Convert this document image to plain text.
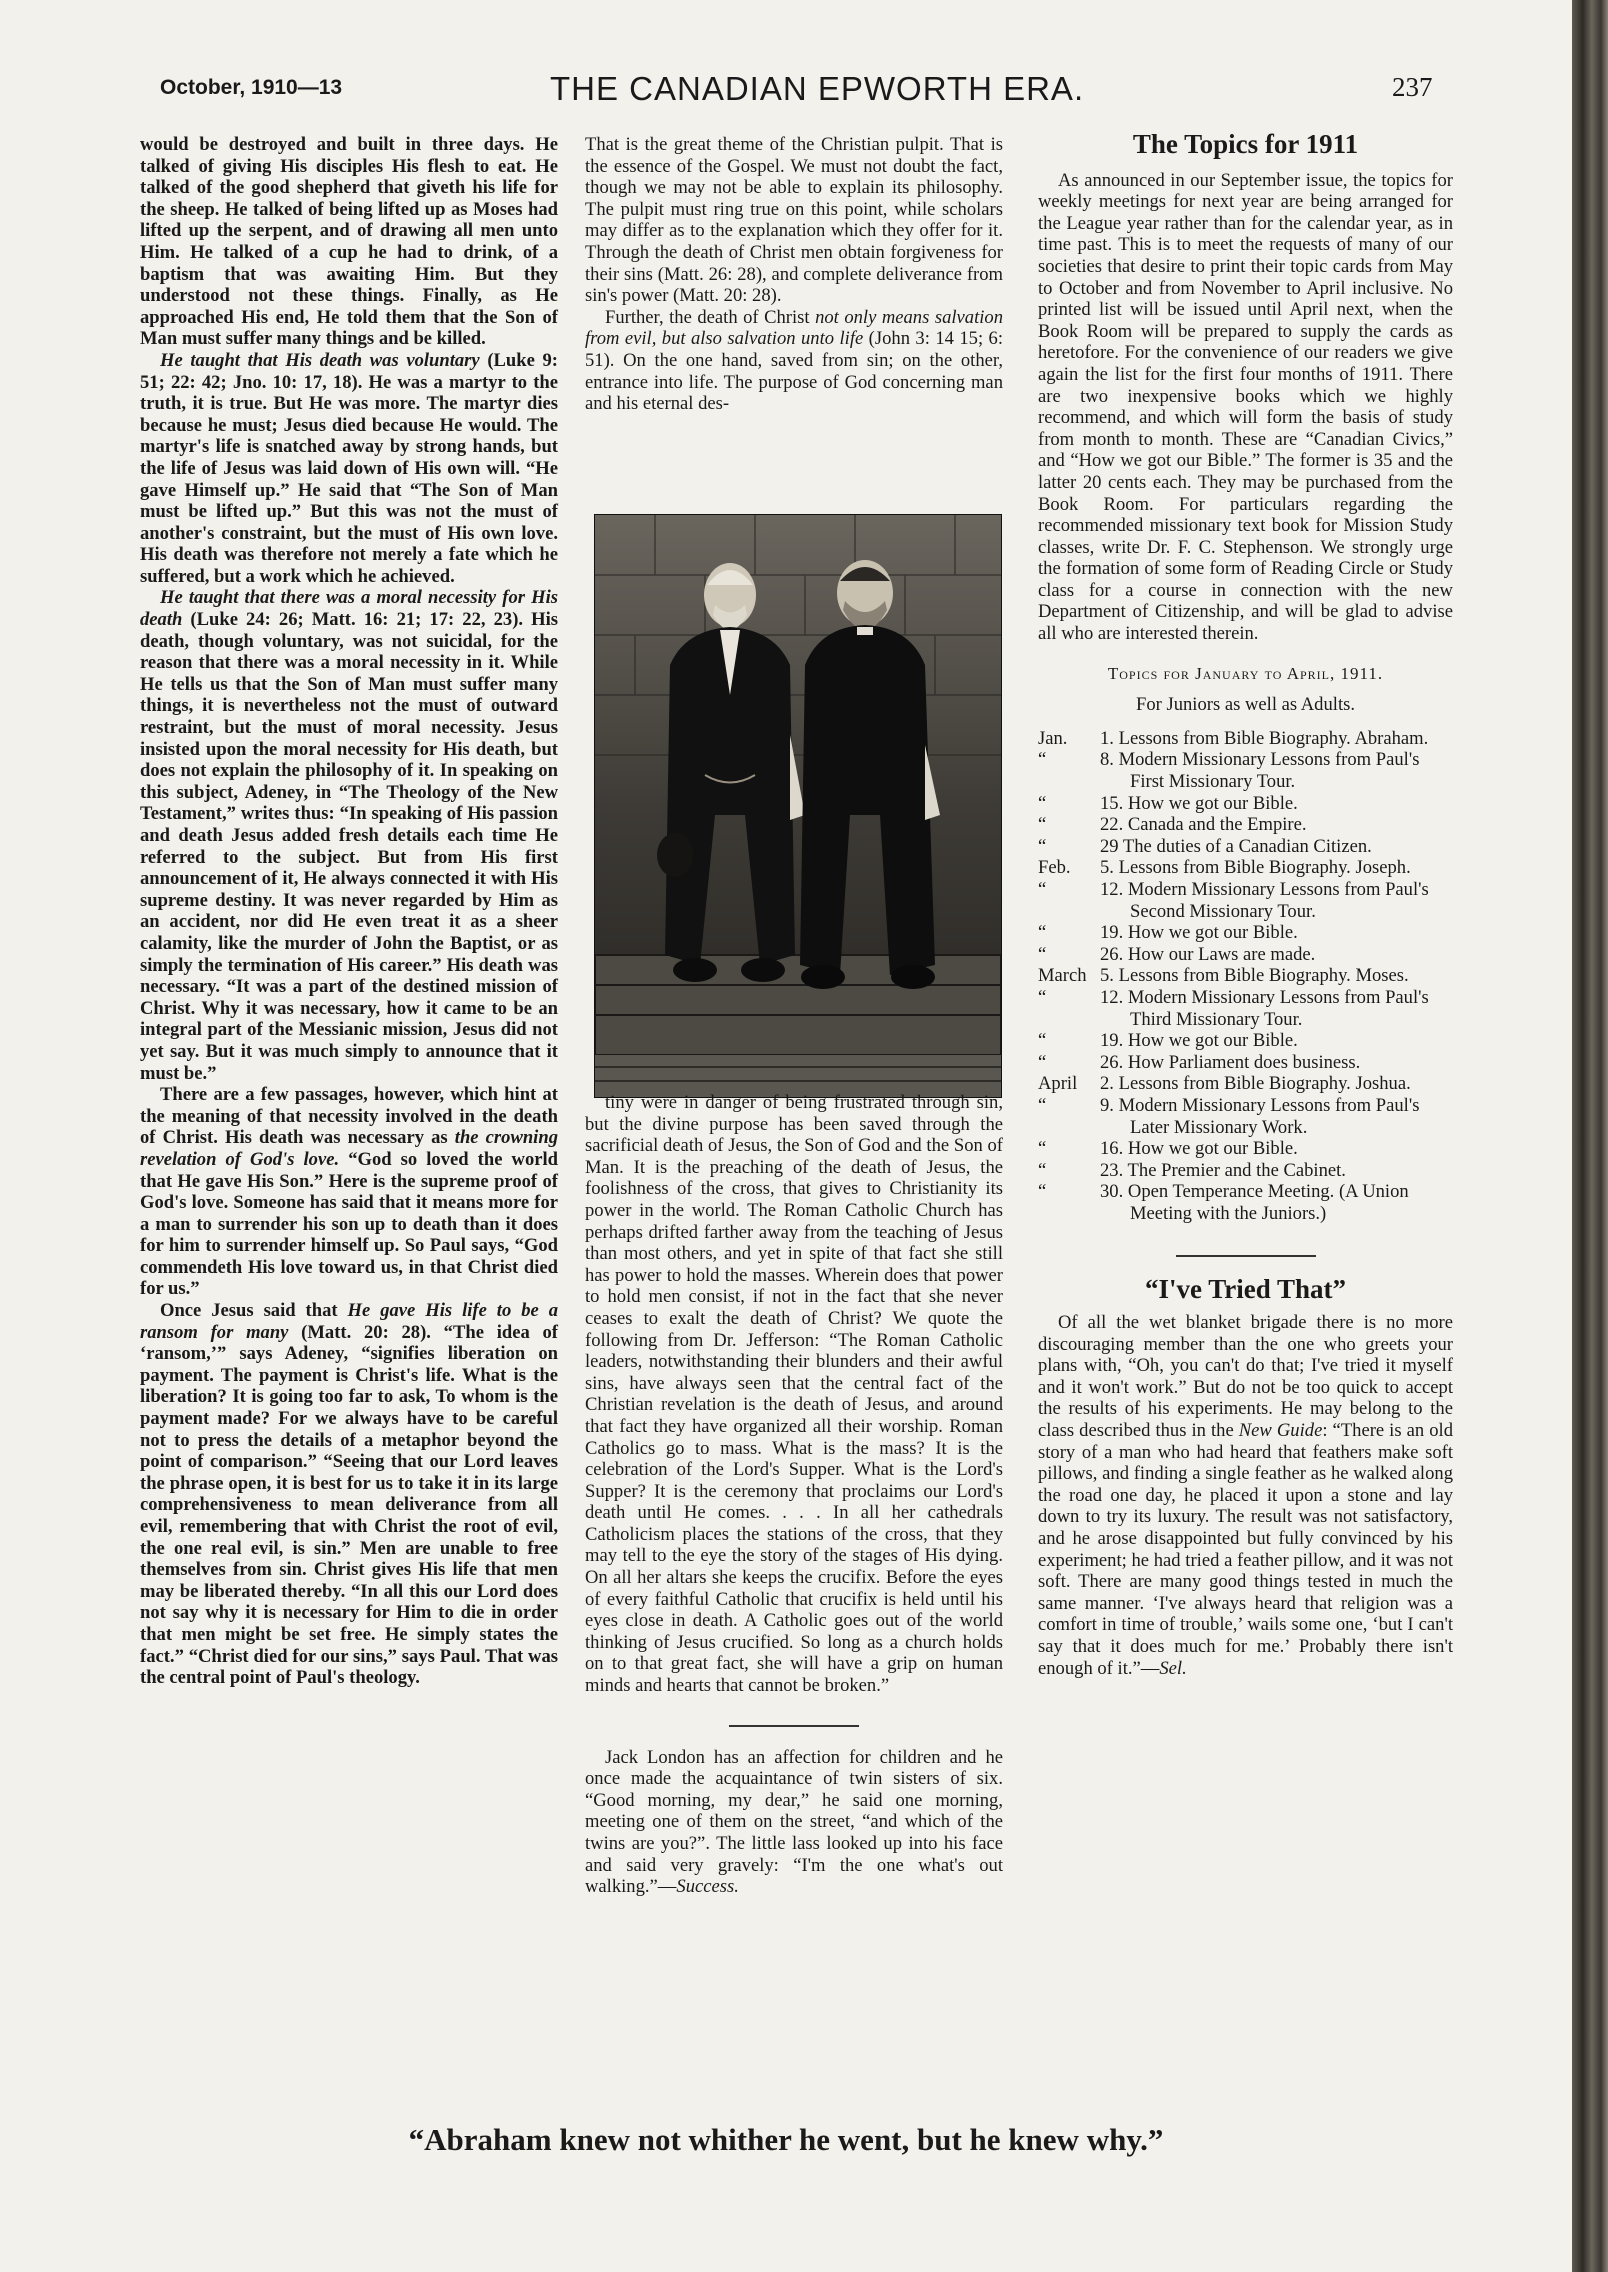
October, 1910—13	THE CANADIAN EPWORTH ERA.	237

would be destroyed and built in three days. He talked of giving His disciples His flesh to eat. He talked of the good shepherd that giveth his life for the sheep. He talked of being lifted up as Moses had lifted up the serpent, and of drawing all men unto Him. He talked of a cup he had to drink, of a baptism that was awaiting Him. But they understood not these things. Finally, as He approached His end, He told them that the Son of Man must suffer many things and be killed.

He taught that His death was voluntary (Luke 9: 51; 22: 42; Jno. 10: 17, 18). He was a martyr to the truth, it is true. But He was more. The martyr dies because he must; Jesus died because He would. The martyr's life is snatched away by strong hands, but the life of Jesus was laid down of His own will. “He gave Himself up.” He said that “The Son of Man must be lifted up.” But this was not the must of another's constraint, but the must of His own love. His death was therefore not merely a fate which he suffered, but a work which he achieved.

He taught that there was a moral necessity for His death (Luke 24: 26; Matt. 16: 21; 17: 22, 23). His death, though voluntary, was not suicidal, for the reason that there was a moral necessity in it. While He tells us that the Son of Man must suffer many things, it is nevertheless not the must of outward restraint, but the must of moral necessity. Jesus insisted upon the moral necessity for His death, but does not explain the philosophy of it. In speaking on this subject, Adeney, in “The Theology of the New Testament,” writes thus: “In speaking of His passion and death Jesus added fresh details each time He referred to the subject. But from His first announcement of it, He always connected it with His supreme destiny. It was never regarded by Him as an accident, nor did He even treat it as a sheer calamity, like the murder of John the Baptist, or as simply the termination of His career.” His death was necessary. “It was a part of the destined mission of Christ. Why it was necessary, how it came to be an integral part of the Messianic mission, Jesus did not yet say. But it was much simply to announce that it must be.”

There are a few passages, however, which hint at the meaning of that necessity involved in the death of Christ. His death was necessary as the crowning revelation of God's love. “God so loved the world that He gave His Son.” Here is the supreme proof of God's love. Someone has said that it means more for a man to surrender his son up to death than it does for him to surrender himself up. So Paul says, “God commendeth His love toward us, in that Christ died for us.”

Once Jesus said that He gave His life to be a ransom for many (Matt. 20: 28). “The idea of ‘ransom,’” says Adeney, “signifies liberation on payment. The payment is Christ's life. What is the liberation? It is going too far to ask, To whom is the payment made? For we always have to be careful not to press the details of a metaphor beyond the point of comparison.” “Seeing that our Lord leaves the phrase open, it is best for us to take it in its large comprehensiveness to mean deliverance from all evil, remembering that with Christ the root of evil, the one real evil, is sin.” Men are unable to free themselves from sin. Christ gives His life that men may be liberated thereby. “In all this our Lord does not say why it is necessary for Him to die in order that men might be set free. He simply states the fact.” “Christ died for our sins,” says Paul. That was the central point of Paul's theology.

That is the great theme of the Christian pulpit. That is the essence of the Gospel. We must not doubt the fact, though we may not be able to explain its philosophy. The pulpit must ring true on this point, while scholars may differ as to the explanation which they offer for it. Through the death of Christ men obtain forgiveness for their sins (Matt. 26: 28), and complete deliverance from sin's power (Matt. 20: 28).

Further, the death of Christ not only means salvation from evil, but also salvation unto life (John 3: 14 15; 6: 51). On the one hand, saved from sin; on the other, entrance into life. The purpose of God concerning man and his eternal des-

tiny were in danger of being frustrated through sin, but the divine purpose has been saved through the sacrificial death of Jesus, the Son of God and the Son of Man. It is the preaching of the death of Jesus, the foolishness of the cross, that gives to Christianity its power in the world. The Roman Catholic Church has perhaps drifted farther away from the teaching of Jesus than most others, and yet in spite of that fact she still has power to hold the masses. Wherein does that power to hold men consist, if not in the fact that she never ceases to exalt the death of Christ? We quote the following from Dr. Jefferson: “The Roman Catholic leaders, notwithstanding their blunders and their awful sins, have always seen that the central fact of the Christian revelation is the death of Jesus, and around that fact they have organized all their worship. Roman Catholics go to mass. What is the mass? It is the celebration of the Lord's Supper. What is the Lord's Supper? It is the ceremony that proclaims our Lord's death until He comes. . . . In all her cathedrals Catholicism places the stations of the cross, that they may tell to the eye the story of the stages of His dying. On all her altars she keeps the crucifix. Before the eyes of every faithful Catholic that crucifix is held until his eyes close in death. A Catholic goes out of the world thinking of Jesus crucified. So long as a church holds on to that great fact, she will have a grip on human minds and hearts that cannot be broken.”

Jack London has an affection for children and he once made the acquaintance of twin sisters of six. “Good morning, my dear,” he said one morning, meeting one of them on the street, “and which of the twins are you?”. The little lass looked up into his face and said very gravely: “I'm the one what's out walking.”—Success.

The Topics for 1911

As announced in our September issue, the topics for weekly meetings for next year are being arranged for the League year rather than for the calendar year, as in time past. This is to meet the requests of many of our societies that desire to print their topic cards from May to October and from November to April inclusive. No printed list will be issued until April next, when the Book Room will be prepared to supply the cards as heretofore. For the convenience of our readers we give again the list for the first four months of 1911. There are two inexpensive books which we highly recommend, and which will form the basis of study from month to month. These are “Canadian Civics,” and “How we got our Bible.” The former is 35 and the latter 20 cents each. They may be purchased from the Book Room. For particulars regarding the recommended missionary text book for Mission Study classes, write Dr. F. C. Stephenson. We strongly urge the formation of some form of Reading Circle or Study class for a course in connection with the new Department of Citizenship, and will be glad to advise all who are interested therein.

Topics for January to April, 1911.
For Juniors as well as Adults.
Jan.	1. Lessons from Bible Biography. Abraham.
“	8. Modern Missionary Lessons from Paul's First Missionary Tour.
“	15. How we got our Bible.
“	22. Canada and the Empire.
“	29 The duties of a Canadian Citizen.
Feb.	5. Lessons from Bible Biography. Joseph.
“	12. Modern Missionary Lessons from Paul's Second Missionary Tour.
“	19. How we got our Bible.
“	26. How our Laws are made.
March 5. Lessons from Bible Biography. Moses.
“	12. Modern Missionary Lessons from Paul's Third Missionary Tour.
“	19. How we got our Bible.
“	26. How Parliament does business.
April	2. Lessons from Bible Biography. Joshua.
“	9. Modern Missionary Lessons from Paul's Later Missionary Work.
“	16. How we got our Bible.
“	23. The Premier and the Cabinet.
“	30. Open Temperance Meeting. (A Union Meeting with the Juniors.)
“I've Tried That”

Of all the wet blanket brigade there is no more discouraging member than the one who greets your plans with, “Oh, you can't do that; I've tried it myself and it won't work.” But do not be too quick to accept the results of his experiments. He may belong to the class described thus in the New Guide: “There is an old story of a man who had heard that feathers make soft pillows, and finding a single feather as he walked along the road one day, he placed it upon a stone and lay down to try its luxury. The result was not satisfactory, and he arose disappointed but fully convinced by his experiment; he had tried a feather pillow, and it was not soft. There are many good things tested in much the same manner. ‘I've always heard that religion was a comfort in time of trouble,’ wails some one, ‘but I can't say that it does much for me.’ Probably there isn't enough of it.”—Sel.

“Abraham knew not whither he went, but he knew why.”
